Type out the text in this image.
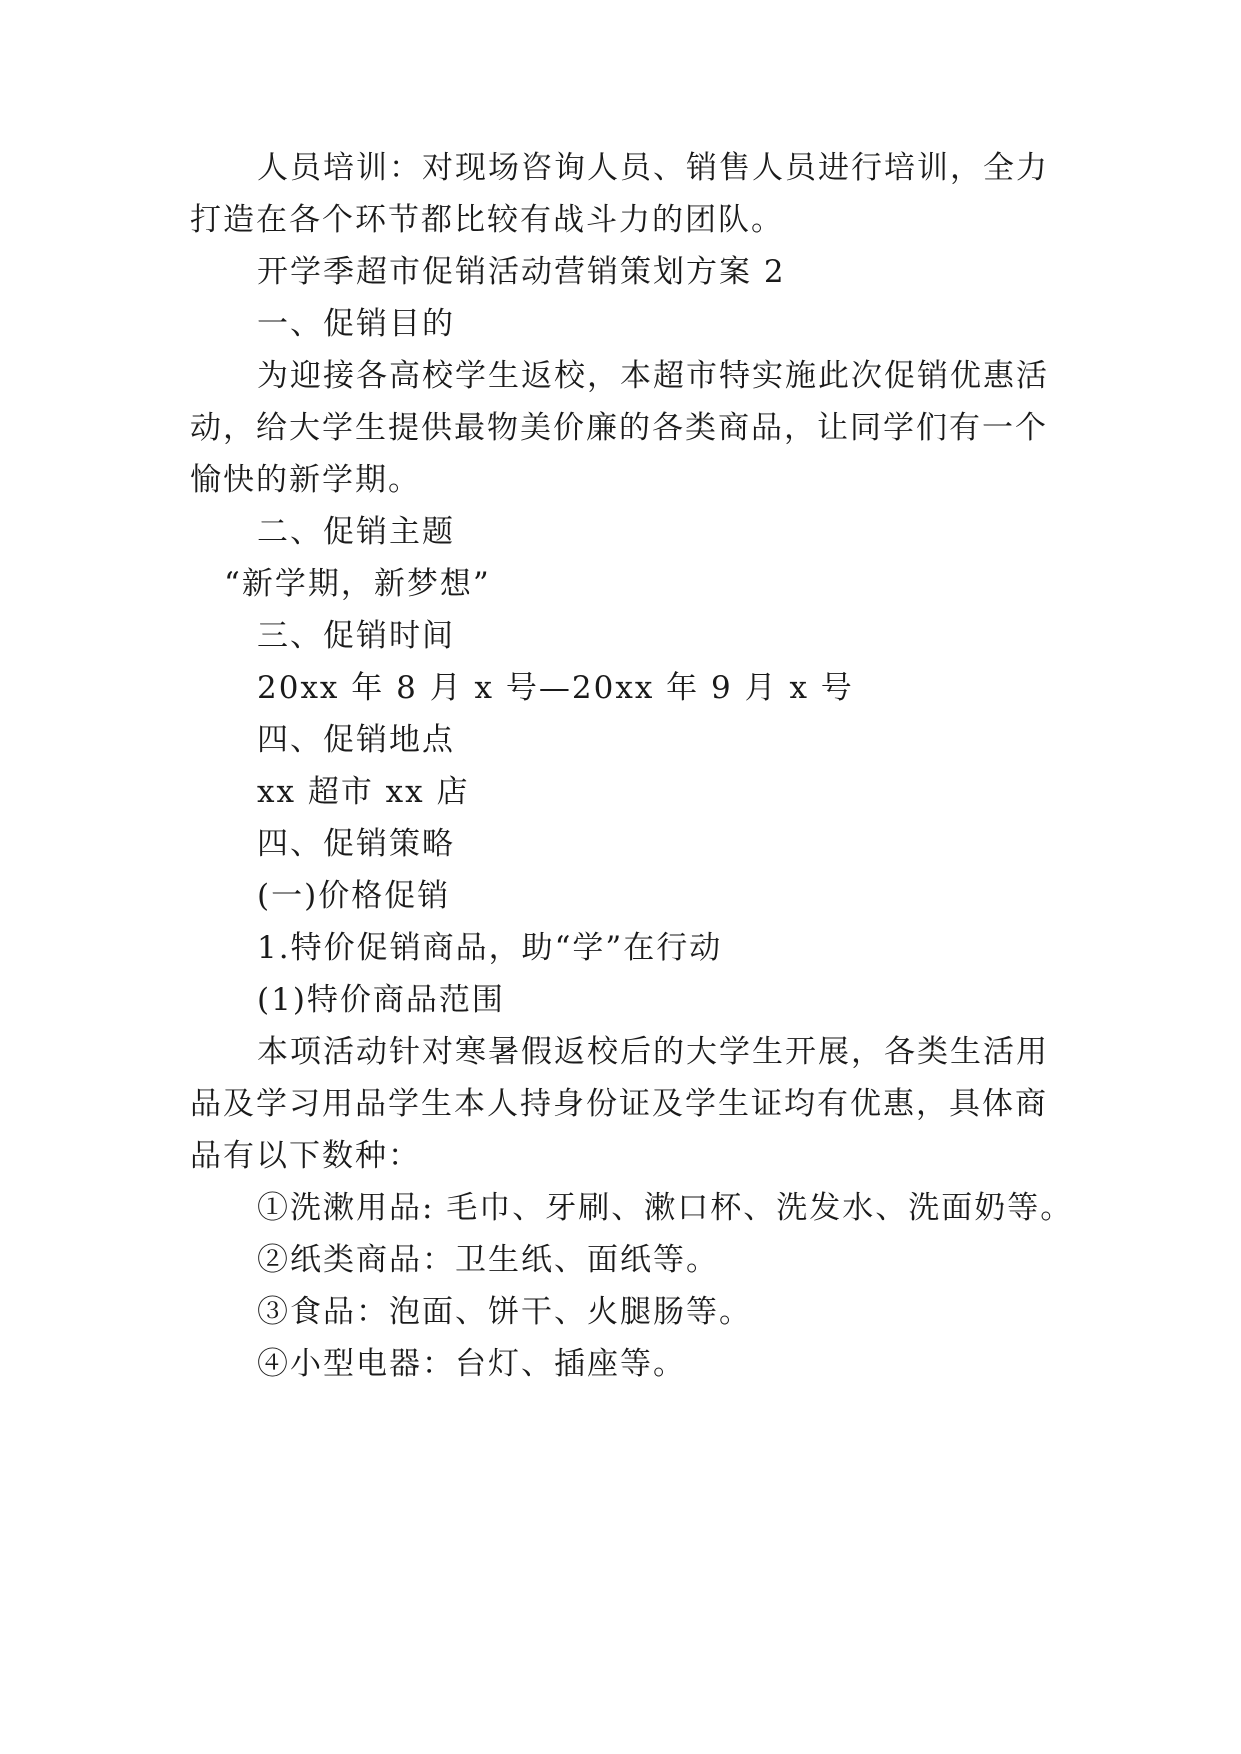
人员培训：对现场咨询人员、销售人员进行培训，全力
打造在各个环节都比较有战斗力的团队。
开学季超市促销活动营销策划方案 2
一、促销目的
为迎接各高校学生返校，本超市特实施此次促销优惠活
动，给大学生提供最物美价廉的各类商品，让同学们有一个
愉快的新学期。
二、促销主题
“新学期，新梦想”
三、促销时间
20xx 年 8 月 x 号—20xx 年 9 月 x 号
四、促销地点
xx 超市 xx 店
四、促销策略
(一)价格促销
1.特价促销商品，助“学”在行动
(1)特价商品范围
本项活动针对寒暑假返校后的大学生开展，各类生活用
品及学习用品学生本人持身份证及学生证均有优惠，具体商
品有以下数种：
①洗漱用品: 毛巾、牙刷、漱口杯、洗发水、洗面奶等。
②纸类商品：卫生纸、面纸等。
③食品：泡面、饼干、火腿肠等。
④小型电器：台灯、插座等。
